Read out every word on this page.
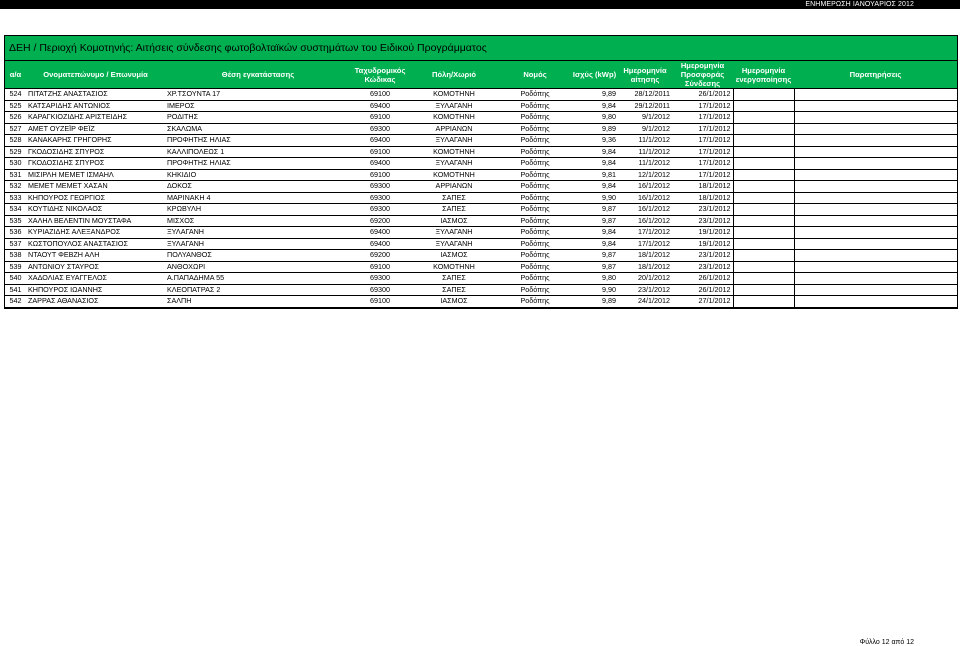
ΕΝΗΜΕΡΩΣΗ ΙΑΝΟΥΑΡΙΟΣ 2012
ΔΕΗ / Περιοχή Κομοτηνής: Αιτήσεις σύνδεσης φωτοβολταϊκών συστημάτων του Ειδικού Προγράμματος
α/α	Ονοματεπώνυμο / Επωνυμία	Θέση εγκατάστασης	Ταχυδρομικός Κώδικας	Πόλη/Χωριό	Νομός	Ισχύς (kWp)	Ημερομηνία αίτησης	Ημερομηνία Προσφοράς Σύνδεσης	Ημερομηνία ενεργοποίησης	Παρατηρήσεις
524	ΠΙΤΑΤΖΗΣ ΑΝΑΣΤΑΣΙΟΣ	ΧΡ.ΤΣΟΥΝΤΑ 17	69100	ΚΟΜΟΤΗΝΗ	Ροδόπης	9,89	28/12/2011	26/1/2012		
525	ΚΑΤΣΑΡΙΔΗΣ ΑΝΤΩΝΙΟΣ	ΙΜΕΡΟΣ	69400	ΞΥΛΑΓΑΝΗ	Ροδόπης	9,84	29/12/2011	17/1/2012		
526	ΚΑΡΑΓΚΙΟΖΙΔΗΣ ΑΡΙΣΤΕΙΔΗΣ	ΡΟΔΙΤΗΣ	69100	ΚΟΜΟΤΗΝΗ	Ροδόπης	9,80	9/1/2012	17/1/2012		
527	ΑΜΕΤ ΟΥΖΕΪΡ ΦΕΪΖ	ΣΚΑΛΩΜΑ	69300	ΑΡΡΙΑΝΩΝ	Ροδόπης	9,89	9/1/2012	17/1/2012		
528	ΚΑΝΑΚΑΡΗΣ ΓΡΗΓΟΡΗΣ	ΠΡΟΦΗΤΗΣ ΗΛΙΑΣ	69400	ΞΥΛΑΓΑΝΗ	Ροδόπης	9,36	11/1/2012	17/1/2012		
529	ΓΚΟΔΟΣΙΔΗΣ ΣΠΥΡΟΣ	ΚΑΛΛΙΠΟΛΕΩΣ 1	69100	ΚΟΜΟΤΗΝΗ	Ροδόπης	9,84	11/1/2012	17/1/2012		
530	ΓΚΟΔΟΣΙΔΗΣ ΣΠΥΡΟΣ	ΠΡΟΦΗΤΗΣ ΗΛΙΑΣ	69400	ΞΥΛΑΓΑΝΗ	Ροδόπης	9,84	11/1/2012	17/1/2012		
531	ΜΙΣΙΡΛΗ ΜΕΜΕΤ ΙΣΜΑΗΛ	ΚΗΚΙΔΙΟ	69100	ΚΟΜΟΤΗΝΗ	Ροδόπης	9,81	12/1/2012	17/1/2012		
532	ΜΕΜΕΤ ΜΕΜΕΤ ΧΑΣΑΝ	ΔΟΚΟΣ	69300	ΑΡΡΙΑΝΩΝ	Ροδόπης	9,84	16/1/2012	18/1/2012		
533	ΚΗΠΟΥΡΟΣ ΓΕΩΡΓΙΟΣ	ΜΑΡΙΝΑΚΗ 4	69300	ΣΑΠΕΣ	Ροδόπης	9,90	16/1/2012	18/1/2012		
534	ΚΟΥΤΙΔΗΣ ΝΙΚΟΛΑΟΣ	ΚΡΩΒΥΛΗ	69300	ΣΑΠΕΣ	Ροδόπης	9,87	16/1/2012	23/1/2012		
535	ΧΑΛΗΛ ΒΕΛΕΝΤΙΝ ΜΟΥΣΤΑΦΑ	ΜΙΣΧΟΣ	69200	ΙΑΣΜΟΣ	Ροδόπης	9,87	16/1/2012	23/1/2012		
536	ΚΥΡΙΑΖΙΔΗΣ ΑΛΕΞΑΝΔΡΟΣ	ΞΥΛΑΓΑΝΗ	69400	ΞΥΛΑΓΑΝΗ	Ροδόπης	9,84	17/1/2012	19/1/2012		
537	ΚΩΣΤΟΠΟΥΛΟΣ ΑΝΑΣΤΑΣΙΟΣ	ΞΥΛΑΓΑΝΗ	69400	ΞΥΛΑΓΑΝΗ	Ροδόπης	9,84	17/1/2012	19/1/2012		
538	ΝΤΑΟΥΤ ΦΕΒΖΗ ΑΛΗ	ΠΟΛΥΑΝΘΟΣ	69200	ΙΑΣΜΟΣ	Ροδόπης	9,87	18/1/2012	23/1/2012		
539	ΑΝΤΩΝΙΟΥ ΣΤΑΥΡΟΣ	ΑΝΘΟΧΩΡΙ	69100	ΚΟΜΟΤΗΝΗ	Ροδόπης	9,87	18/1/2012	23/1/2012		
540	ΧΑΔΟΛΙΑΣ ΕΥΑΓΓΕΛΟΣ	Α.ΠΑΠΑΔΗΜΑ 55	69300	ΣΑΠΕΣ	Ροδόπης	9,80	20/1/2012	26/1/2012		
541	ΚΗΠΟΥΡΟΣ ΙΩΑΝΝΗΣ	ΚΛΕΟΠΑΤΡΑΣ 2	69300	ΣΑΠΕΣ	Ροδόπης	9,90	23/1/2012	26/1/2012		
542	ΖΑΡΡΑΣ ΑΘΑΝΑΣΙΟΣ	ΣΑΛΠΗ	69100	ΙΑΣΜΟΣ	Ροδόπης	9,89	24/1/2012	27/1/2012		
Φύλλο 12 από 12
